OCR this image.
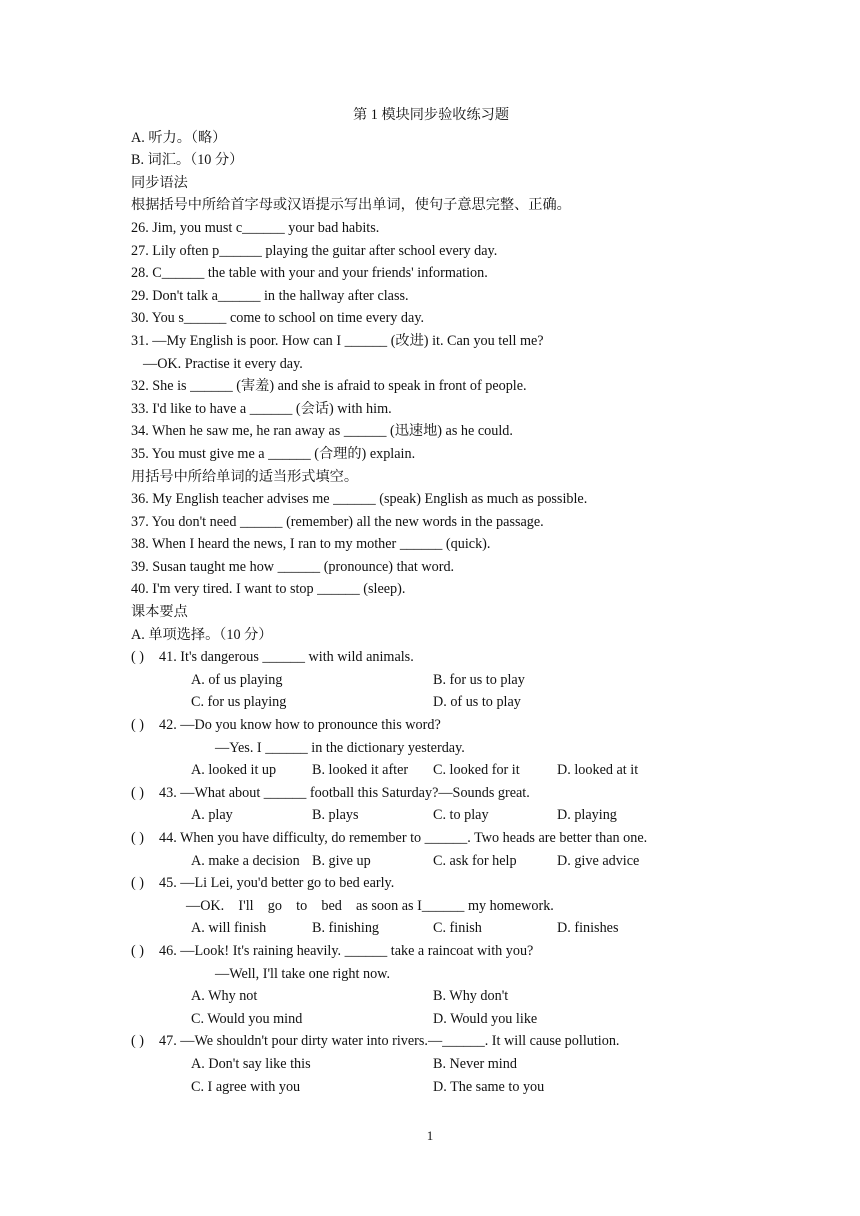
第 1 模块同步验收练习题
A. 听力。（略）
B. 词汇。（10 分）
同步语法
根据括号中所给首字母或汉语提示写出单词，使句子意思完整、正确。
26. Jim, you must c______ your bad habits.
27. Lily often p______ playing the guitar after school every day.
28. C______ the table with your and your friends' information.
29. Don't talk a______ in the hallway after class.
30. You s______ come to school on time every day.
31. —My English is poor. How can I ______ (改进) it. Can you tell me?
—OK. Practise it every day.
32. She is ______ (害羞) and she is afraid to speak in front of people.
33. I'd like to have a ______ (会话) with him.
34. When he saw me, he ran away as ______ (迅速地) as he could.
35. You must give me a ______ (合理的) explain.
用括号中所给单词的适当形式填空。
36. My English teacher advises me ______ (speak) English as much as possible.
37. You don't need ______ (remember) all the new words in the passage.
38. When I heard the news, I ran to my mother ______ (quick).
39. Susan taught me how ______ (pronounce) that word.
40. I'm very tired. I want to stop ______ (sleep).
课本要点
A. 单项选择。（10 分）
( ) 41. It's dangerous ______ with wild animals.
A. of us playing	B. for us to play
C. for us playing	D. of us to play
( ) 42. —Do you know how to pronounce this word?
—Yes. I ______ in the dictionary yesterday.
A. looked it up	B. looked it after C. looked for it	D. looked at it
( ) 43. —What about ______ football this Saturday?—Sounds great.
A. play	B. plays	C. to play	D. playing
( ) 44. When you have difficulty, do remember to ______. Two heads are better than one.
A. make a decision B. give up	C. ask for help	D. give advice
( ) 45. —Li Lei, you'd better go to bed early.
—OK.    I'll    go    to    bed    as soon as I______ my homework.
A. will finish	B. finishing	C. finish	D. finishes
( ) 46. —Look! It's raining heavily. ______ take a raincoat with you?
—Well, I'll take one right now.
A. Why not	B. Why don't
C. Would you mind	D. Would you like
( ) 47. —We shouldn't pour dirty water into rivers.—______. It will cause pollution.
A. Don't say like this	B. Never mind
C. I agree with you	D. The same to you
1
